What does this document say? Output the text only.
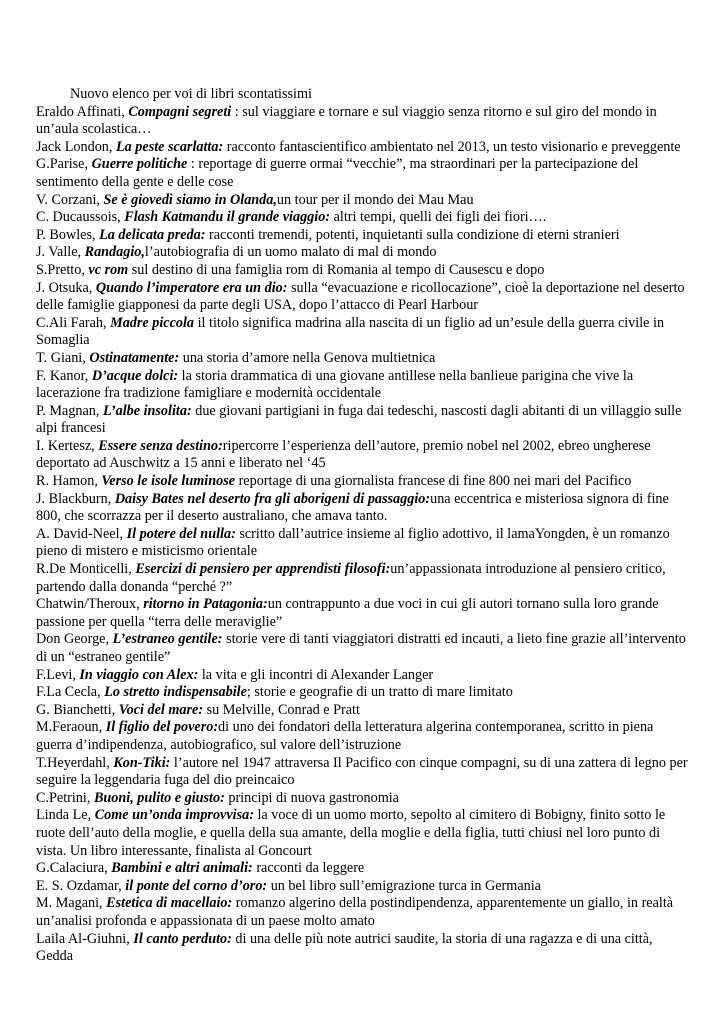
Nuovo elenco per voi di libri scontatissimi

Eraldo Affinati, Compagni segreti : sul viaggiare e tornare e sul viaggio senza ritorno e sul giro del mondo in un’aula scolastica…

Jack London, La peste scarlatta: racconto fantascientifico ambientato nel 2013, un testo visionario e preveggente

G.Parise, Guerre politiche : reportage di guerre ormai “vecchie”, ma straordinari per la partecipazione del sentimento della gente e delle cose

V. Corzani, Se è giovedì siamo in Olanda,un tour per il mondo dei Mau Mau

C. Ducaussois, Flash Katmandu il grande viaggio: altri tempi, quelli dei figli dei fiori….

P. Bowles, La delicata preda: racconti tremendi, potenti, inquietanti sulla condizione di eterni stranieri

J. Valle, Randagio,l’autobiografia di un uomo malato di mal di mondo

S.Pretto, vc rom sul destino di una famiglia rom di Romania al tempo di Causescu e dopo

J. Otsuka, Quando l’imperatore era un dio: sulla “evacuazione e ricollocazione”, cioè la deportazione nel deserto delle famiglie giapponesi da parte degli USA, dopo l’attacco di Pearl Harbour

C.Ali Farah, Madre piccola il titolo significa madrina alla nascita di un figlio ad un’esule della guerra civile in Somaglia

T. Giani, Ostinatamente: una storia d’amore nella Genova multietnica

F. Kanor, D’acque dolci: la storia drammatica di una giovane antillese nella banlieue parigina che vive la lacerazione fra tradizione famigliare e modernità occidentale

P. Magnan, L’albe insolita: due giovani partigiani in fuga dai tedeschi, nascosti dagli abitanti di un villaggio sulle alpi francesi

I. Kertesz, Essere senza destino:ripercorre l’esperienza dell’autore, premio nobel nel 2002, ebreo ungherese deportato ad Auschwitz a 15 anni e liberato nel ‘45

R. Hamon, Verso le isole luminose reportage di una giornalista francese di fine 800 nei mari del Pacifico

J. Blackburn, Daisy Bates nel deserto fra gli aborigeni di passaggio:una eccentrica e misteriosa signora di fine 800, che scorrazza per il deserto australiano, che amava tanto.

A. David-Neel, Il potere del nulla: scritto dall’autrice insieme al figlio adottivo, il lamaYongden, è un romanzo pieno di mistero e misticismo orientale

R.De Monticelli, Esercizi di pensiero per apprendisti filosofi:un’appassionata introduzione al pensiero critico, partendo dalla donanda “perché ?”

Chatwin/Theroux, ritorno in Patagonia:un contrappunto a due voci in cui gli autori tornano sulla loro grande passione per quella “terra delle meraviglie”

Don George, L’estraneo gentile: storie vere di tanti viaggiatori distratti ed incauti, a lieto fine grazie all’intervento di un “estraneo gentile”

F.Levi, In viaggio con Alex: la vita e gli incontri di Alexander Langer

F.La Cecla, Lo stretto indispensabile; storie e geografie di un tratto di mare limitato

G. Bianchetti, Voci del mare: su Melville, Conrad e Pratt

M.Feraoun, Il figlio del povero:di uno dei fondatori della letteratura algerina contemporanea, scritto in piena guerra d’indipendenza, autobiografico, sul valore dell’istruzione

T.Heyerdahl, Kon-Tiki: l’autore nel 1947 attraversa Il Pacifico con cinque compagni, su di una zattera di legno per seguire la leggendaria fuga del dio preincaico

C.Petrini, Buoni, pulito e giusto: principi di nuova gastronomia

Linda Le, Come un’onda improvvisa: la voce di un uomo morto, sepolto al cimitero di Bobigny, finito sotto le ruote dell’auto della moglie, e quella della sua amante, della moglie e della figlia, tutti chiusi nel loro punto di vista. Un libro interessante, finalista al Goncourt

G.Calaciura, Bambini e altri animali: racconti da leggere

E. S. Ozdamar, il ponte del corno d’oro: un bel libro sull’emigrazione turca in Germania

M. Magani, Estetica di macellaio: romanzo algerino della postindipendenza, apparentemente un giallo, in realtà un’analisi profonda e appassionata di un paese molto amato

Laila Al-Giuhni, Il canto perduto: di una delle più note autrici saudite, la storia di una ragazza e di una città, Gedda
